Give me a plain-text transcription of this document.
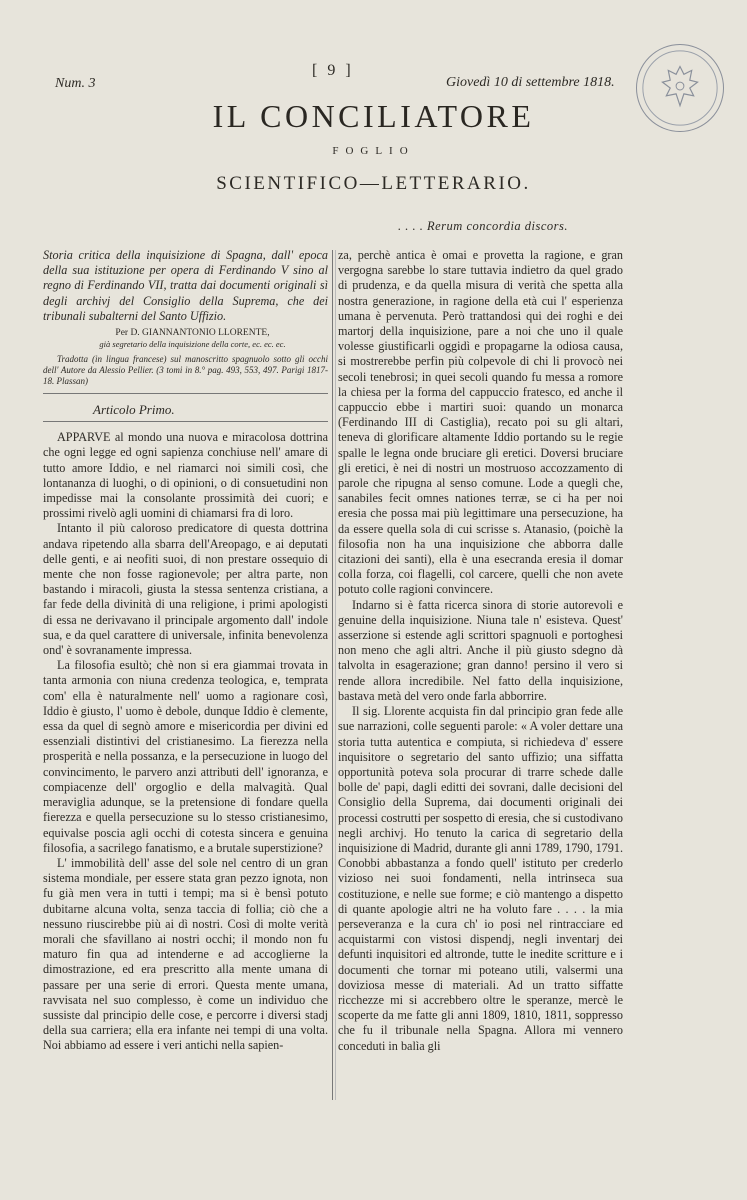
Num. 3
[ 9 ]
Giovedì 10 di settembre 1818.
IL CONCILIATORE
FOGLIO
SCIENTIFICO—LETTERARIO.
. . . . Rerum concordia discors.

Storia critica della inquisizione di Spagna, dall' epoca della sua istituzione per opera di Ferdinando V sino al regno di Ferdinando VII, tratta dai documenti originali sì degli archivj del Consiglio della Suprema, che dei tribunali subalterni del Santo Uffizio.

Per D. GIANNANTONIO LLORENTE,

già segretario della inquisizione della corte, ec. ec. ec.

Tradotta (in lingua francese) sul manoscritto spagnuolo sotto gli occhi dell' Autore da Alessio Pellier. (3 tomi in 8.° pag. 493, 553, 497. Parigi 1817-18. Plassan)

Articolo Primo.

APPARVE al mondo una nuova e miracolosa dottrina che ogni legge ed ogni sapienza conchiuse nell' amare di tutto amore Iddio, e nel riamarci noi simili così, che lontananza di luoghi, o di opinioni, o di consuetudini non impedisse mai la consolante prossimità dei cuori; e prossimi rivelò agli uomini di chiamarsi fra di loro.

Intanto il più caloroso predicatore di questa dottrina andava ripetendo alla sbarra dell'Areopago, e ai deputati delle genti, e ai neofiti suoi, di non prestare ossequio di mente che non fosse ragionevole; per altra parte, non bastando i miracoli, giusta la stessa sentenza cristiana, a far fede della divinità di una religione, i primi apologisti di essa ne derivavano il principale argomento dall' indole sua, e da quel carattere di universale, infinita benevolenza ond' è sovranamente impressa.

La filosofia esultò; chè non si era giammai trovata in tanta armonia con niuna credenza teologica, e, temprata com' ella è naturalmente nell' uomo a ragionare così, Iddio è giusto, l' uomo è debole, dunque Iddio è clemente, essa da quel di segnò amore e misericordia per divini ed essenziali distintivi del cristianesimo. La fierezza nella prosperità e nella possanza, e la persecuzione in luogo del convincimento, le parvero anzi attributi dell' ignoranza, e compiacenze dell' orgoglio e della malvagità. Qual meraviglia adunque, se la pretensione di fondare quella fierezza e quella persecuzione su lo stesso cristianesimo, equivalse poscia agli occhi di cotesta sincera e genuina filosofia, a sacrilego fanatismo, e a brutale superstizione?

L' immobilità dell' asse del sole nel centro di un gran sistema mondiale, per essere stata gran pezzo ignota, non fu già men vera in tutti i tempi; ma si è bensì potuto dubitarne alcuna volta, senza taccia di follia; ciò che a nessuno riuscirebbe più ai dì nostri. Così di molte verità morali che sfavillano ai nostri occhi; il mondo non fu maturo fin qua ad intenderne e ad accoglierne la dimostrazione, ed era prescritto alla mente umana di passare per una serie di errori. Questa mente umana, ravvisata nel suo complesso, è come un individuo che sussiste dal principio delle cose, e percorre i diversi stadj della sua carriera; ella era infante nei tempi di una volta. Noi abbiamo ad essere i veri antichi nella sapien-

za, perchè antica è omai e provetta la ragione, e gran vergogna sarebbe lo stare tuttavia indietro da quel grado di prudenza, e da quella misura di verità che spetta alla nostra generazione, in ragione della età cui l' esperienza umana è pervenuta. Però trattandosi qui dei roghi e dei martorj della inquisizione, pare a noi che uno il quale volesse giustificarli oggidì e propagarne la odiosa causa, si mostrerebbe perfin più colpevole di chi li provocò nei secoli tenebrosi; in quei secoli quando fu messa a romore la chiesa per la forma del cappuccio fratesco, ed anche il cappuccio ebbe i martiri suoi: quando un monarca (Ferdinando III di Castiglia), recato poi su gli altari, teneva di glorificare altamente Iddio portando su le regie spalle le legna onde bruciare gli eretici. Doversi bruciare gli eretici, è nei di nostri un mostruoso accozzamento di parole che ripugna al senso comune. Lode a quegli che, sanabiles fecit omnes nationes terræ, se ci ha per noi eresia che possa mai più legittimare una persecuzione, ha da essere quella sola di cui scrisse s. Atanasio, (poichè la filosofia non ha una inquisizione che abborra dalle citazioni dei santi), ella è una esecranda eresia il domar colla forza, coi flagelli, col carcere, quelli che non avete potuto colle ragioni convincere.

Indarno si è fatta ricerca sinora di storie autorevoli e genuine della inquisizione. Niuna tale n' esisteva. Quest' asserzione si estende agli scrittori spagnuoli e portoghesi non meno che agli altri. Anche il più giusto sdegno dà talvolta in esagerazione; gran danno! persino il vero si rende allora incredibile. Nel fatto della inquisizione, bastava metà del vero onde farla abborrire.

Il sig. Llorente acquista fin dal principio gran fede alle sue narrazioni, colle seguenti parole: « A voler dettare una storia tutta autentica e compiuta, si richiedeva d' essere inquisitore o segretario del santo uffizio; una siffatta opportunità poteva sola procurar di trarre schede dalle bolle de' papi, dagli editti dei sovrani, dalle decisioni del Consiglio della Suprema, dai documenti originali dei processi costrutti per sospetto di eresia, che si custodivano negli archivj. Ho tenuto la carica di segretario della inquisizione di Madrid, durante gli anni 1789, 1790, 1791. Conobbi abbastanza a fondo quell' istituto per crederlo vizioso nei suoi fondamenti, nella intrinseca sua costituzione, e nelle sue forme; e ciò mantengo a dispetto di quante apologie altri ne ha voluto fare . . . . la mia perseveranza e la cura ch' io posi nel rintracciare ed acquistarmi con vistosi dispendj, negli inventarj dei defunti inquisitori ed altronde, tutte le inedite scritture e i documenti che tornar mi poteano utili, valsermi una doviziosa messe di materiali. Ad un tratto siffatte ricchezze mi si accrebbero oltre le speranze, mercè le scoperte da me fatte gli anni 1809, 1810, 1811, soppresso che fu il tribunale nella Spagna. Allora mi vennero conceduti in balìa gli
